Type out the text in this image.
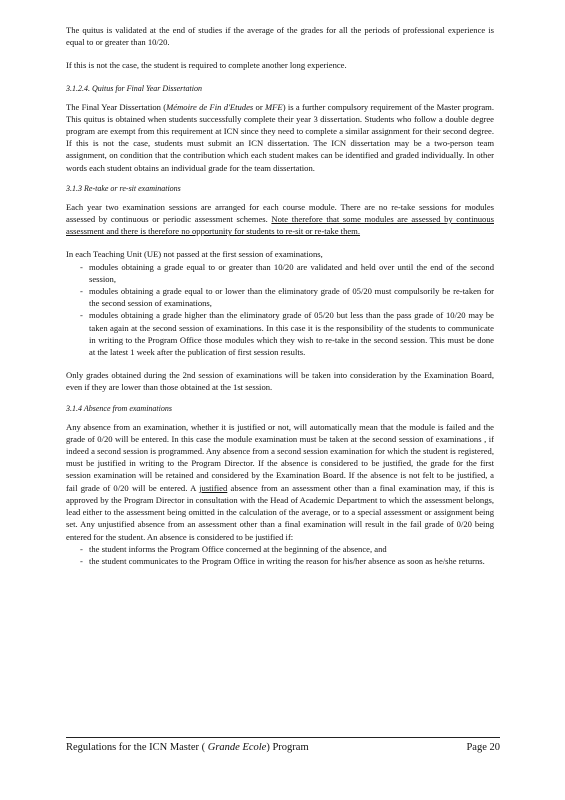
The quitus is validated at the end of studies if the average of the grades for all the periods of professional experience is equal to or greater than 10/20.

If this is not the case, the student is required to complete another long experience.

3.1.2.4. Quitus for Final Year Dissertation

The Final Year Dissertation (Mémoire de Fin d'Etudes or MFE) is a further compulsory requirement of the Master program. This quitus is obtained when students successfully complete their year 3 dissertation. Students who follow a double degree program are exempt from this requirement at ICN since they need to complete a similar assignment for their second degree. If this is not the case, students must submit an ICN dissertation. The ICN dissertation may be a two-person team assignment, on condition that the contribution which each student makes can be identified and graded individually. In other words each student obtains an individual grade for the team dissertation.

3.1.3 Re-take or re-sit examinations

Each year two examination sessions are arranged for each course module. There are no re-take sessions for modules assessed by continuous or periodic assessment schemes. Note therefore that some modules are assessed by continuous assessment and there is therefore no opportunity for students to re-sit or re-take them.

In each Teaching Unit (UE) not passed at the first session of examinations,

- modules obtaining a grade equal to or greater than 10/20 are validated and held over until the end of the second session,
- modules obtaining a grade equal to or lower than the eliminatory grade of 05/20 must compulsorily be re-taken for the second session of examinations,
- modules obtaining a grade higher than the eliminatory grade of 05/20 but less than the pass grade of 10/20 may be taken again at the second session of examinations. In this case it is the responsibility of the students to communicate in writing to the Program Office those modules which they wish to re-take in the second session. This must be done at the latest 1 week after the publication of first session results.

Only grades obtained during the 2nd session of examinations will be taken into consideration by the Examination Board, even if they are lower than those obtained at the 1st session.

3.1.4 Absence from examinations

Any absence from an examination, whether it is justified or not, will automatically mean that the module is failed and the grade of 0/20 will be entered. In this case the module examination must be taken at the second session of examinations , if indeed a second session is programmed. Any absence from a second session examination for which the student is registered, must be justified in writing to the Program Director. If the absence is considered to be justified, the grade for the first session examination will be retained and considered by the Examination Board. If the absence is not felt to be justified, a fail grade of 0/20 will be entered. A justified absence from an assessment other than a final examination may, if this is approved by the Program Director in consultation with the Head of Academic Department to which the assessment belongs, lead either to the assessment being omitted in the calculation of the average, or to a special assessment or assignment being set. Any unjustified absence from an assessment other than a final examination will result in the fail grade of 0/20 being entered for the student. An absence is considered to be justified if:

- the student informs the Program Office concerned at the beginning of the absence, and
- the student communicates to the Program Office in writing the reason for his/her absence as soon as he/she returns.
Regulations for the ICN Master ( Grande Ecole) Program	Page 20
